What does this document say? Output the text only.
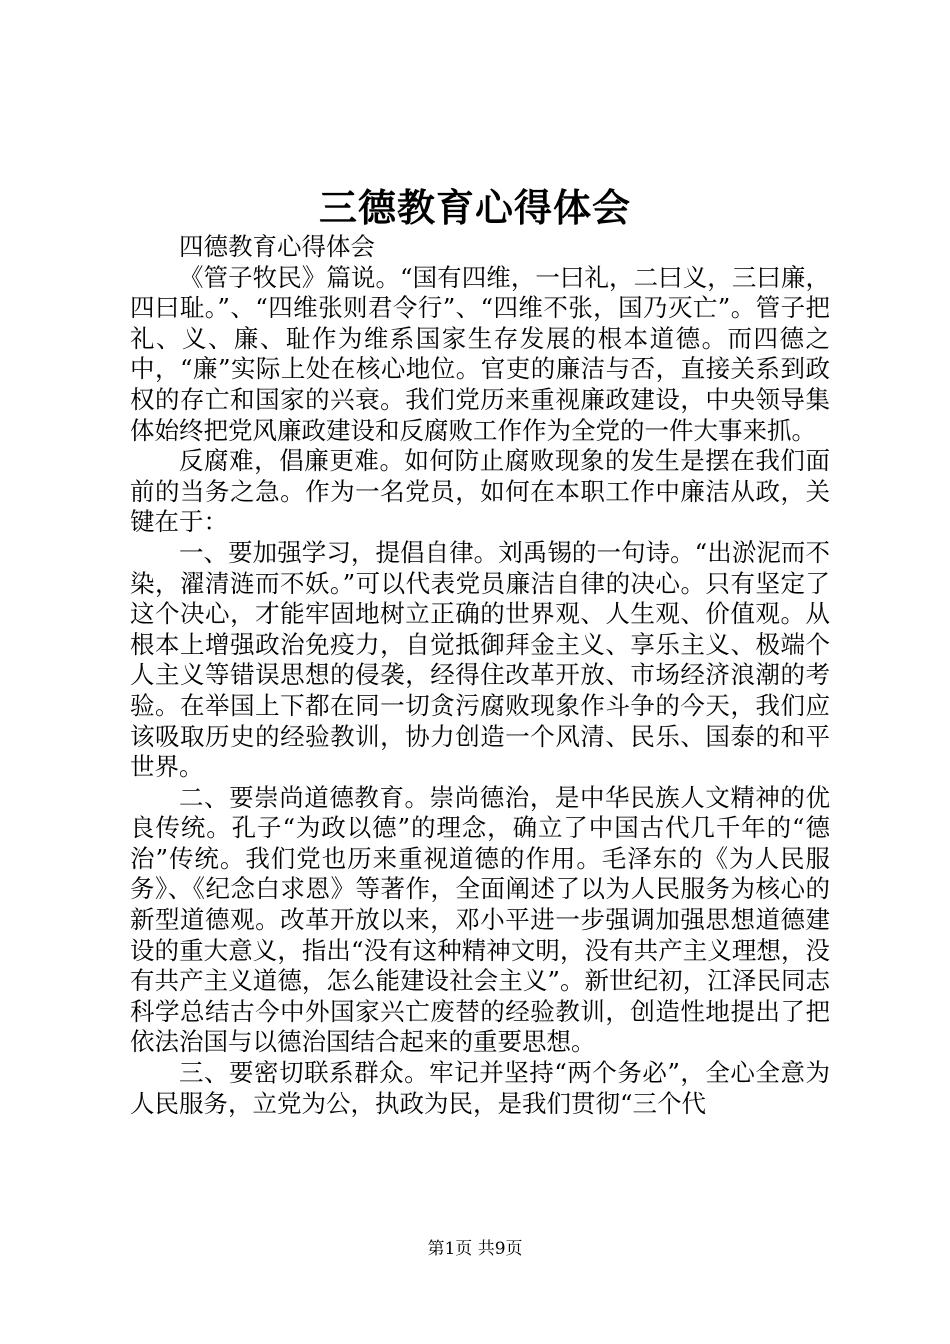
三德教育心得体会

四德教育心得体会

《管子牧民》篇说。“国有四维，一曰礼，二曰义，三曰廉，四曰耻。”、“四维张则君令行”、“四维不张，国乃灭亡”。管子把礼、义、廉、耻作为维系国家生存发展的根本道德。而四德之中，“廉”实际上处在核心地位。官吏的廉洁与否，直接关系到政权的存亡和国家的兴衰。我们党历来重视廉政建设，中央领导集体始终把党风廉政建设和反腐败工作作为全党的一件大事来抓。

反腐难，倡廉更难。如何防止腐败现象的发生是摆在我们面前的当务之急。作为一名党员，如何在本职工作中廉洁从政，关键在于：

一、要加强学习，提倡自律。刘禹锡的一句诗。“出淤泥而不染，濯清涟而不妖。”可以代表党员廉洁自律的决心。只有坚定了这个决心，才能牢固地树立正确的世界观、人生观、价值观。从根本上增强政治免疫力，自觉抵御拜金主义、享乐主义、极端个人主义等错误思想的侵袭，经得住改革开放、市场经济浪潮的考验。在举国上下都在同一切贪污腐败现象作斗争的今天，我们应该吸取历史的经验教训，协力创造一个风清、民乐、国泰的和平世界。

二、要崇尚道德教育。崇尚德治，是中华民族人文精神的优良传统。孔子“为政以德”的理念，确立了中国古代几千年的“德治”传统。我们党也历来重视道德的作用。毛泽东的《为人民服务》、《纪念白求恩》等著作，全面阐述了以为人民服务为核心的新型道德观。改革开放以来，邓小平进一步强调加强思想道德建设的重大意义，指出“没有这种精神文明，没有共产主义理想，没有共产主义道德，怎么能建设社会主义”。新世纪初，江泽民同志科学总结古今中外国家兴亡废替的经验教训，创造性地提出了把依法治国与以德治国结合起来的重要思想。

三、要密切联系群众。牢记并坚持“两个务必”，全心全意为人民服务，立党为公，执政为民，是我们贯彻“三个代

第1页 共9页
